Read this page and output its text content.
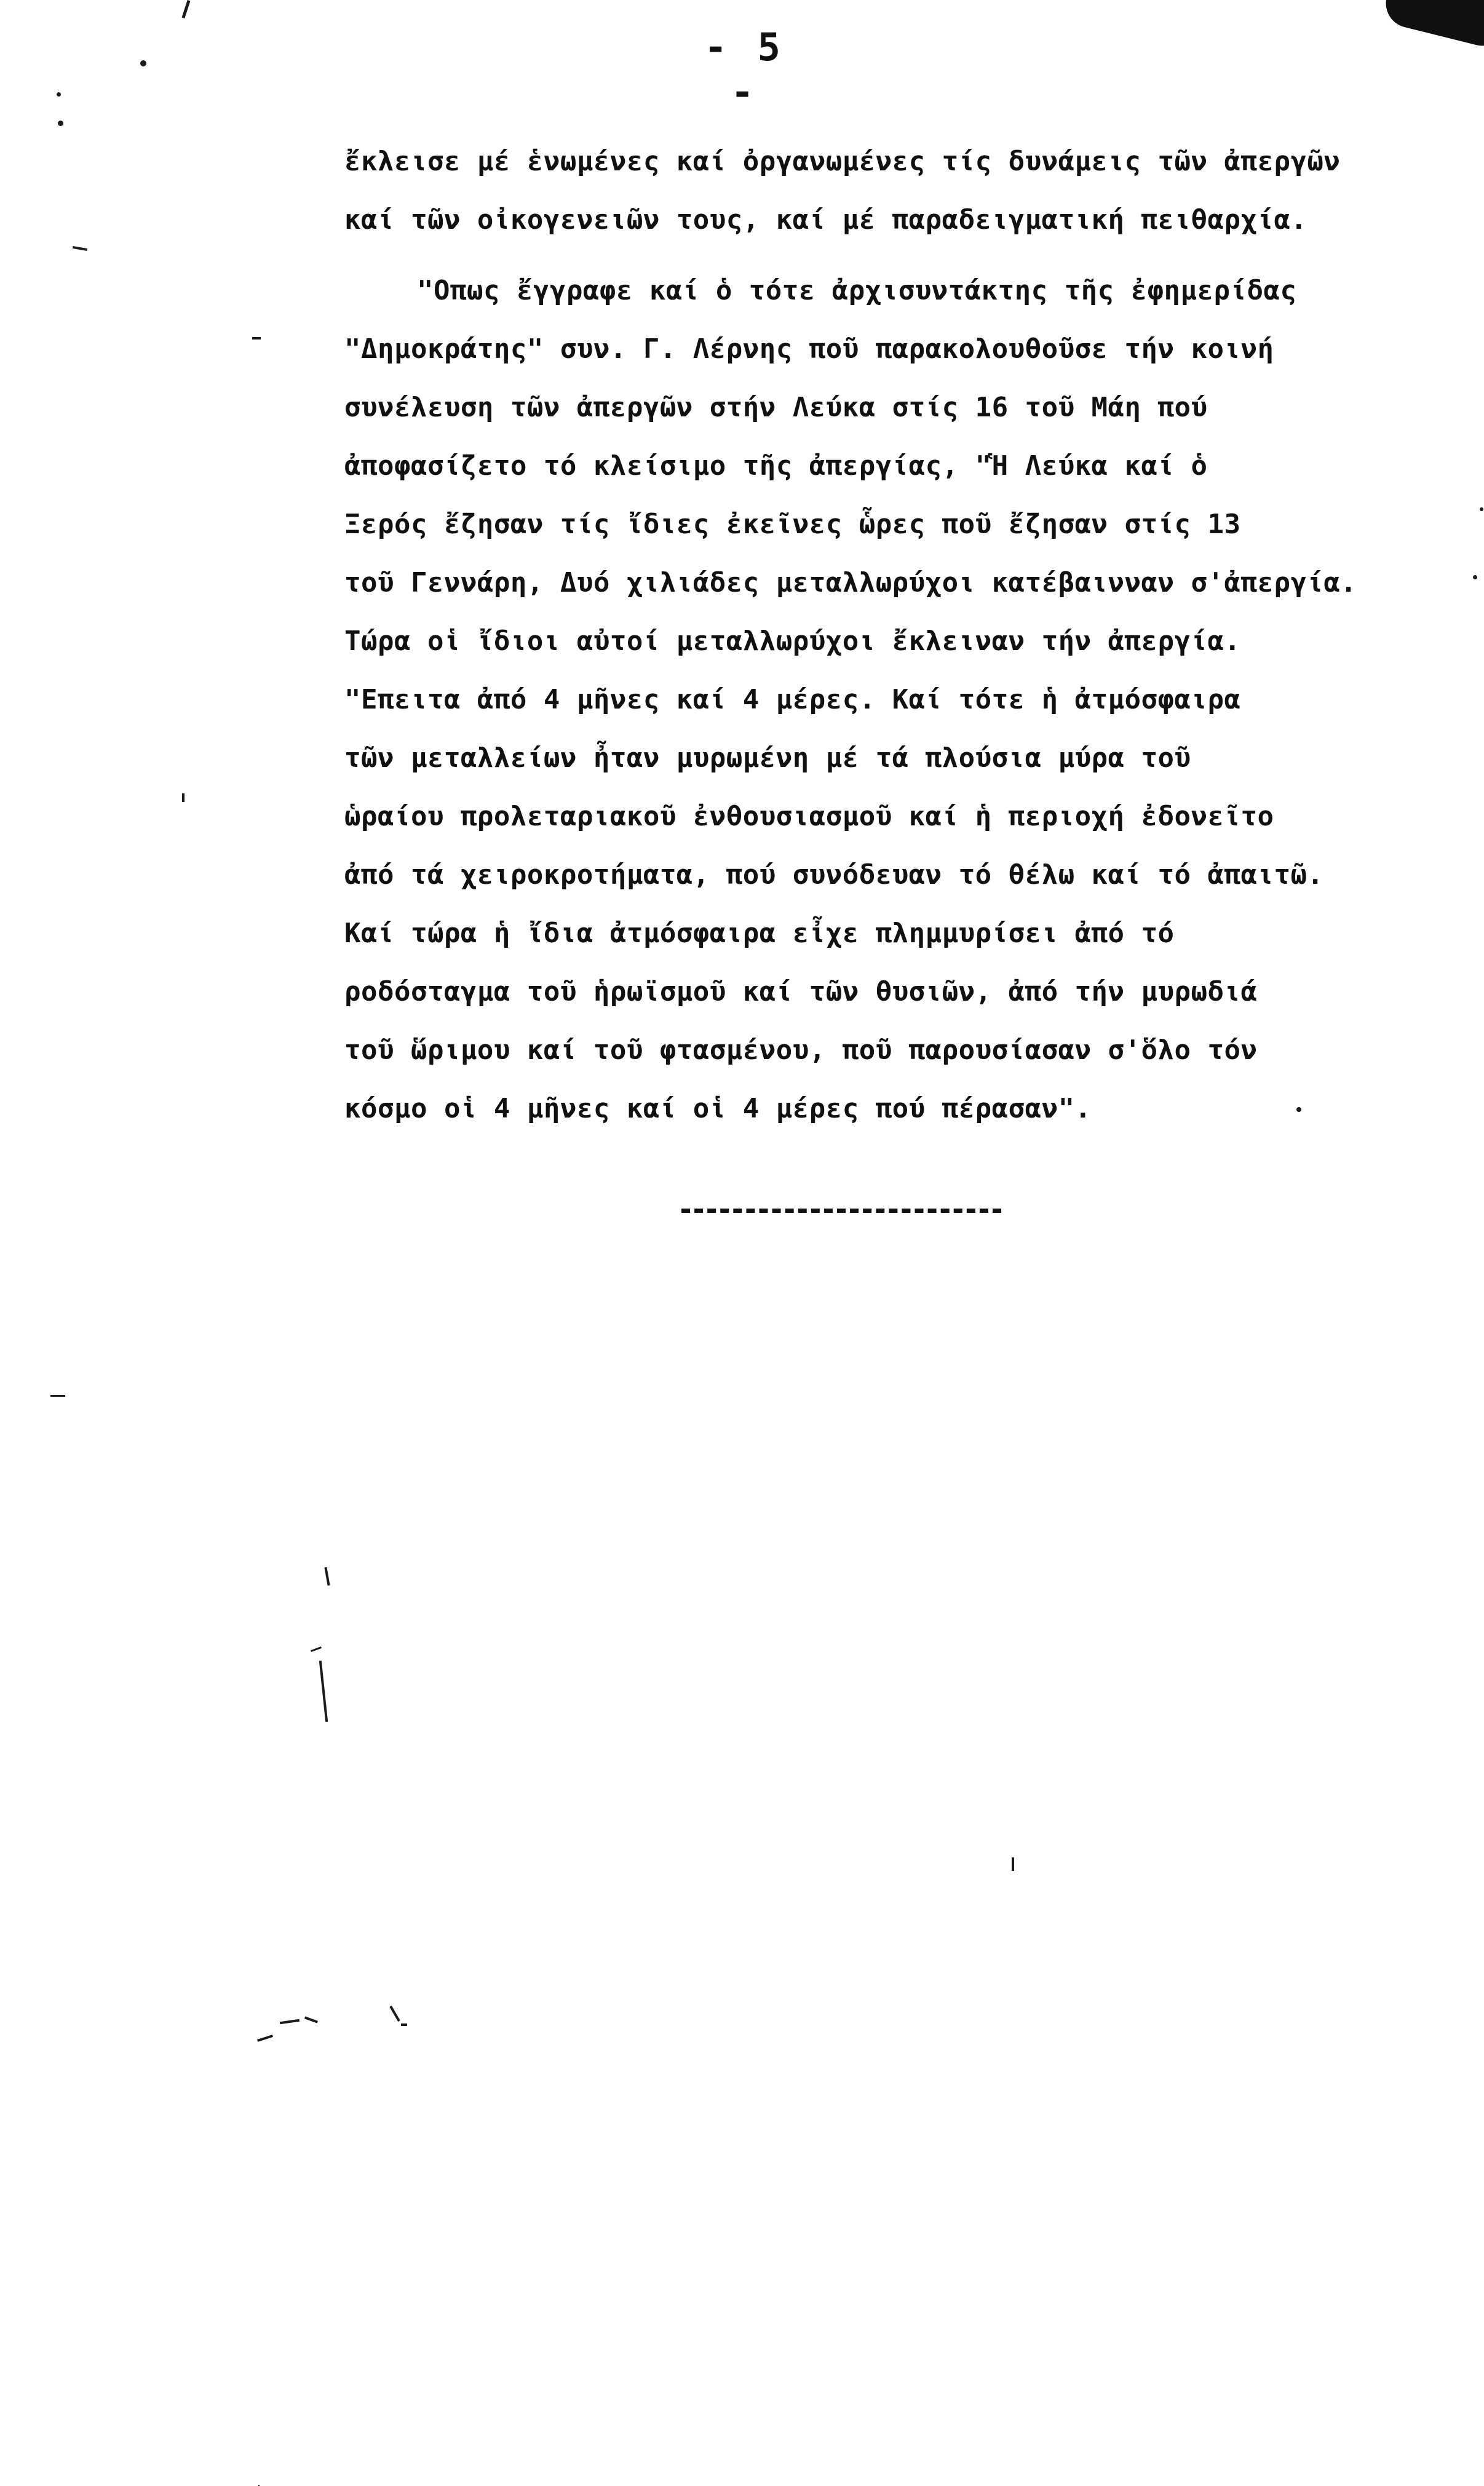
- 5 -
ἔκλεισε μέ ἑνωμένες καί ὀργανωμένες τίς δυνάμεις τῶν ἀπεργῶν
καί τῶν οἰκογενειῶν τους, καί μέ παραδειγματική πειθαρχία.
"Οπως ἔγγραφε καί ὁ τότε ἀρχισυντάκτης τῆς ἐφημερίδας
"Δημοκράτης" συν. Γ. Λέρνης ποῦ παρακολουθοῦσε τήν κοινή
συνέλευση τῶν ἀπεργῶν στήν Λεύκα στίς 16 τοῦ Μάη πού
ἀποφασίζετο τό κλείσιμο τῆς ἀπεργίας, "Ἡ Λεύκα καί ὁ
Ξερός ἔζησαν τίς ἴδιες ἐκεῖνες ὧρες ποῦ ἔζησαν στίς 13
τοῦ Γεννάρη, Δυό χιλιάδες μεταλλωρύχοι κατέβαινναν σ'ἀπεργία.
Τώρα οἱ ἴδιοι αὐτοί μεταλλωρύχοι ἔκλειναν τήν ἀπεργία.
"Επειτα ἀπό 4 μῆνες καί 4 μέρες. Καί τότε ἡ ἀτμόσφαιρα
τῶν μεταλλείων ἦταν μυρωμένη μέ τά πλούσια μύρα τοῦ
ὡραίου προλεταριακοῦ ἐνθουσιασμοῦ καί ἡ περιοχή ἐδονεῖτο
ἀπό τά χειροκροτήματα, πού συνόδευαν τό θέλω καί τό ἀπαιτῶ.
Καί τώρα ἡ ἴδια ἀτμόσφαιρα εἶχε πλημμυρίσει ἀπό τό
ροδόσταγμα τοῦ ἡρωϊσμοῦ καί τῶν θυσιῶν, ἀπό τήν μυρωδιά
τοῦ ὥριμου καί τοῦ φτασμένου, ποῦ παρουσίασαν σ'ὅλο τόν
κόσμο οἱ 4 μῆνες καί οἱ 4 μέρες πού πέρασαν".
